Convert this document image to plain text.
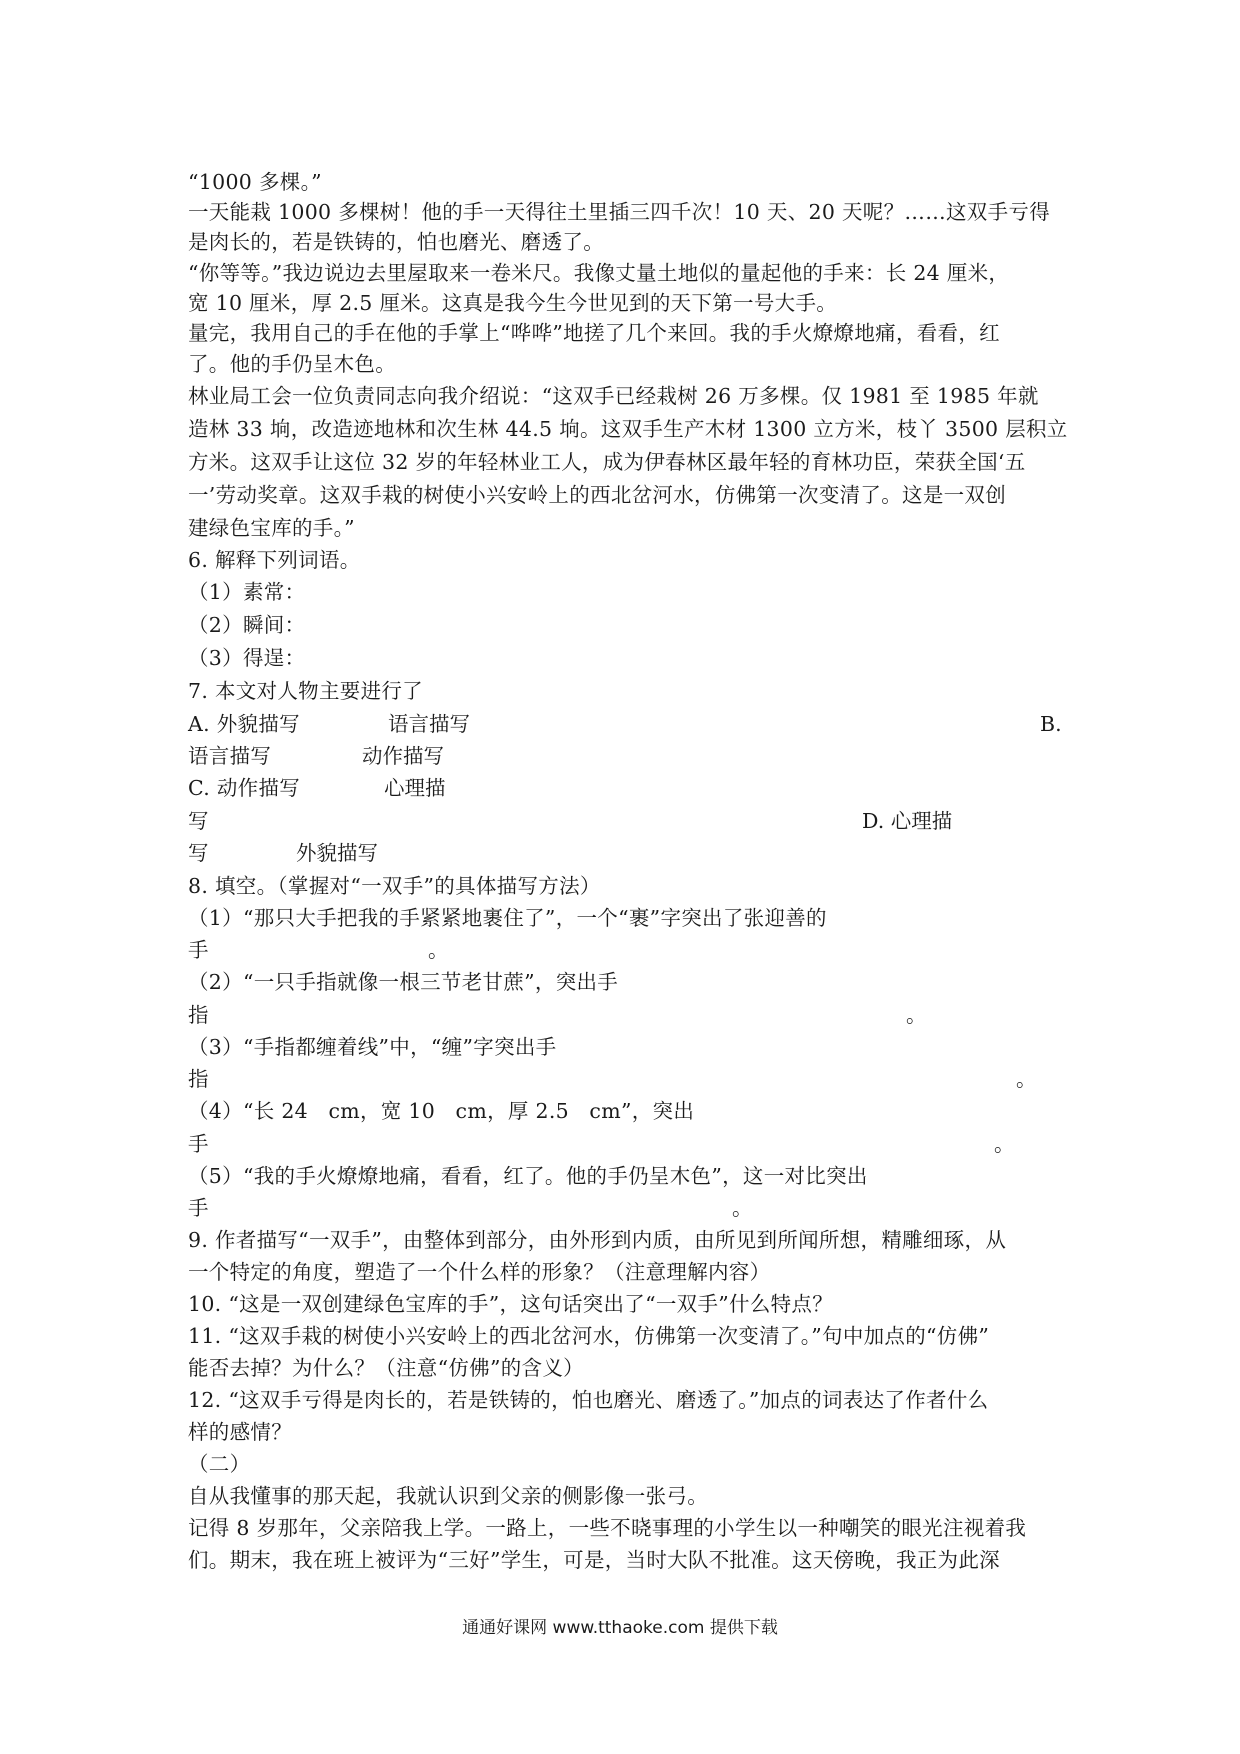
“1000 多棵。”
一天能栽 1000 多棵树！他的手一天得往土里插三四千次！10 天、20 天呢？……这双手亏得
是肉长的，若是铁铸的，怕也磨光、磨透了。
“你等等。”我边说边去里屋取来一卷米尺。我像丈量土地似的量起他的手来：长 24 厘米，
宽 10 厘米，厚 2.5 厘米。这真是我今生今世见到的天下第一号大手。
量完，我用自己的手在他的手掌上“哗哗”地搓了几个来回。我的手火燎燎地痛，看看，红
了。他的手仍呈木色。
林业局工会一位负责同志向我介绍说：“这双手已经栽树 26 万多棵。仅 1981 至 1985 年就
造林 33 垧，改造迹地林和次生林 44.5 垧。这双手生产木材 1300 立方米，枝丫 3500 层积立
方米。这双手让这位 32 岁的年轻林业工人，成为伊春林区最年轻的育林功臣，荣获全国‘五
一’劳动奖章。这双手栽的树使小兴安岭上的西北岔河水，仿佛第一次变清了。这是一双创
建绿色宝库的手。”
6. 解释下列词语。
（1）素常：
（2）瞬间：
（3）得逞：
7. 本文对人物主要进行了
A. 外貌描写	语言描写	B.
语言描写	动作描写
C. 动作描写	心理描
写	D. 心理描
写	外貌描写
8. 填空。（掌握对“一双手”的具体描写方法）
（1）“那只大手把我的手紧紧地裹住了”，一个“裹”字突出了张迎善的
手	。
（2）“一只手指就像一根三节老甘蔗”，突出手
指	。
（3）“手指都缠着线”中，“缠”字突出手
指	。
（4）“长 24   cm，宽 10   cm，厚 2.5   cm”，突出
手	。
（5）“我的手火燎燎地痛，看看，红了。他的手仍呈木色”，这一对比突出
手	。
9. 作者描写“一双手”，由整体到部分，由外形到内质，由所见到所闻所想，精雕细琢，从
一个特定的角度，塑造了一个什么样的形象？（注意理解内容）
10. “这是一双创建绿色宝库的手”，这句话突出了“一双手”什么特点？
11. “这双手栽的树使小兴安岭上的西北岔河水，仿佛第一次变清了。”句中加点的“仿佛”
能否去掉？为什么？（注意“仿佛”的含义）
12. “这双手亏得是肉长的，若是铁铸的，怕也磨光、磨透了。”加点的词表达了作者什么
样的感情？
（二）
自从我懂事的那天起，我就认识到父亲的侧影像一张弓。
记得 8 岁那年，父亲陪我上学。一路上，一些不晓事理的小学生以一种嘲笑的眼光注视着我
们。期末，我在班上被评为“三好”学生，可是，当时大队不批准。这天傍晚，我正为此深
通通好课网 www.tthaoke.com 提供下载
